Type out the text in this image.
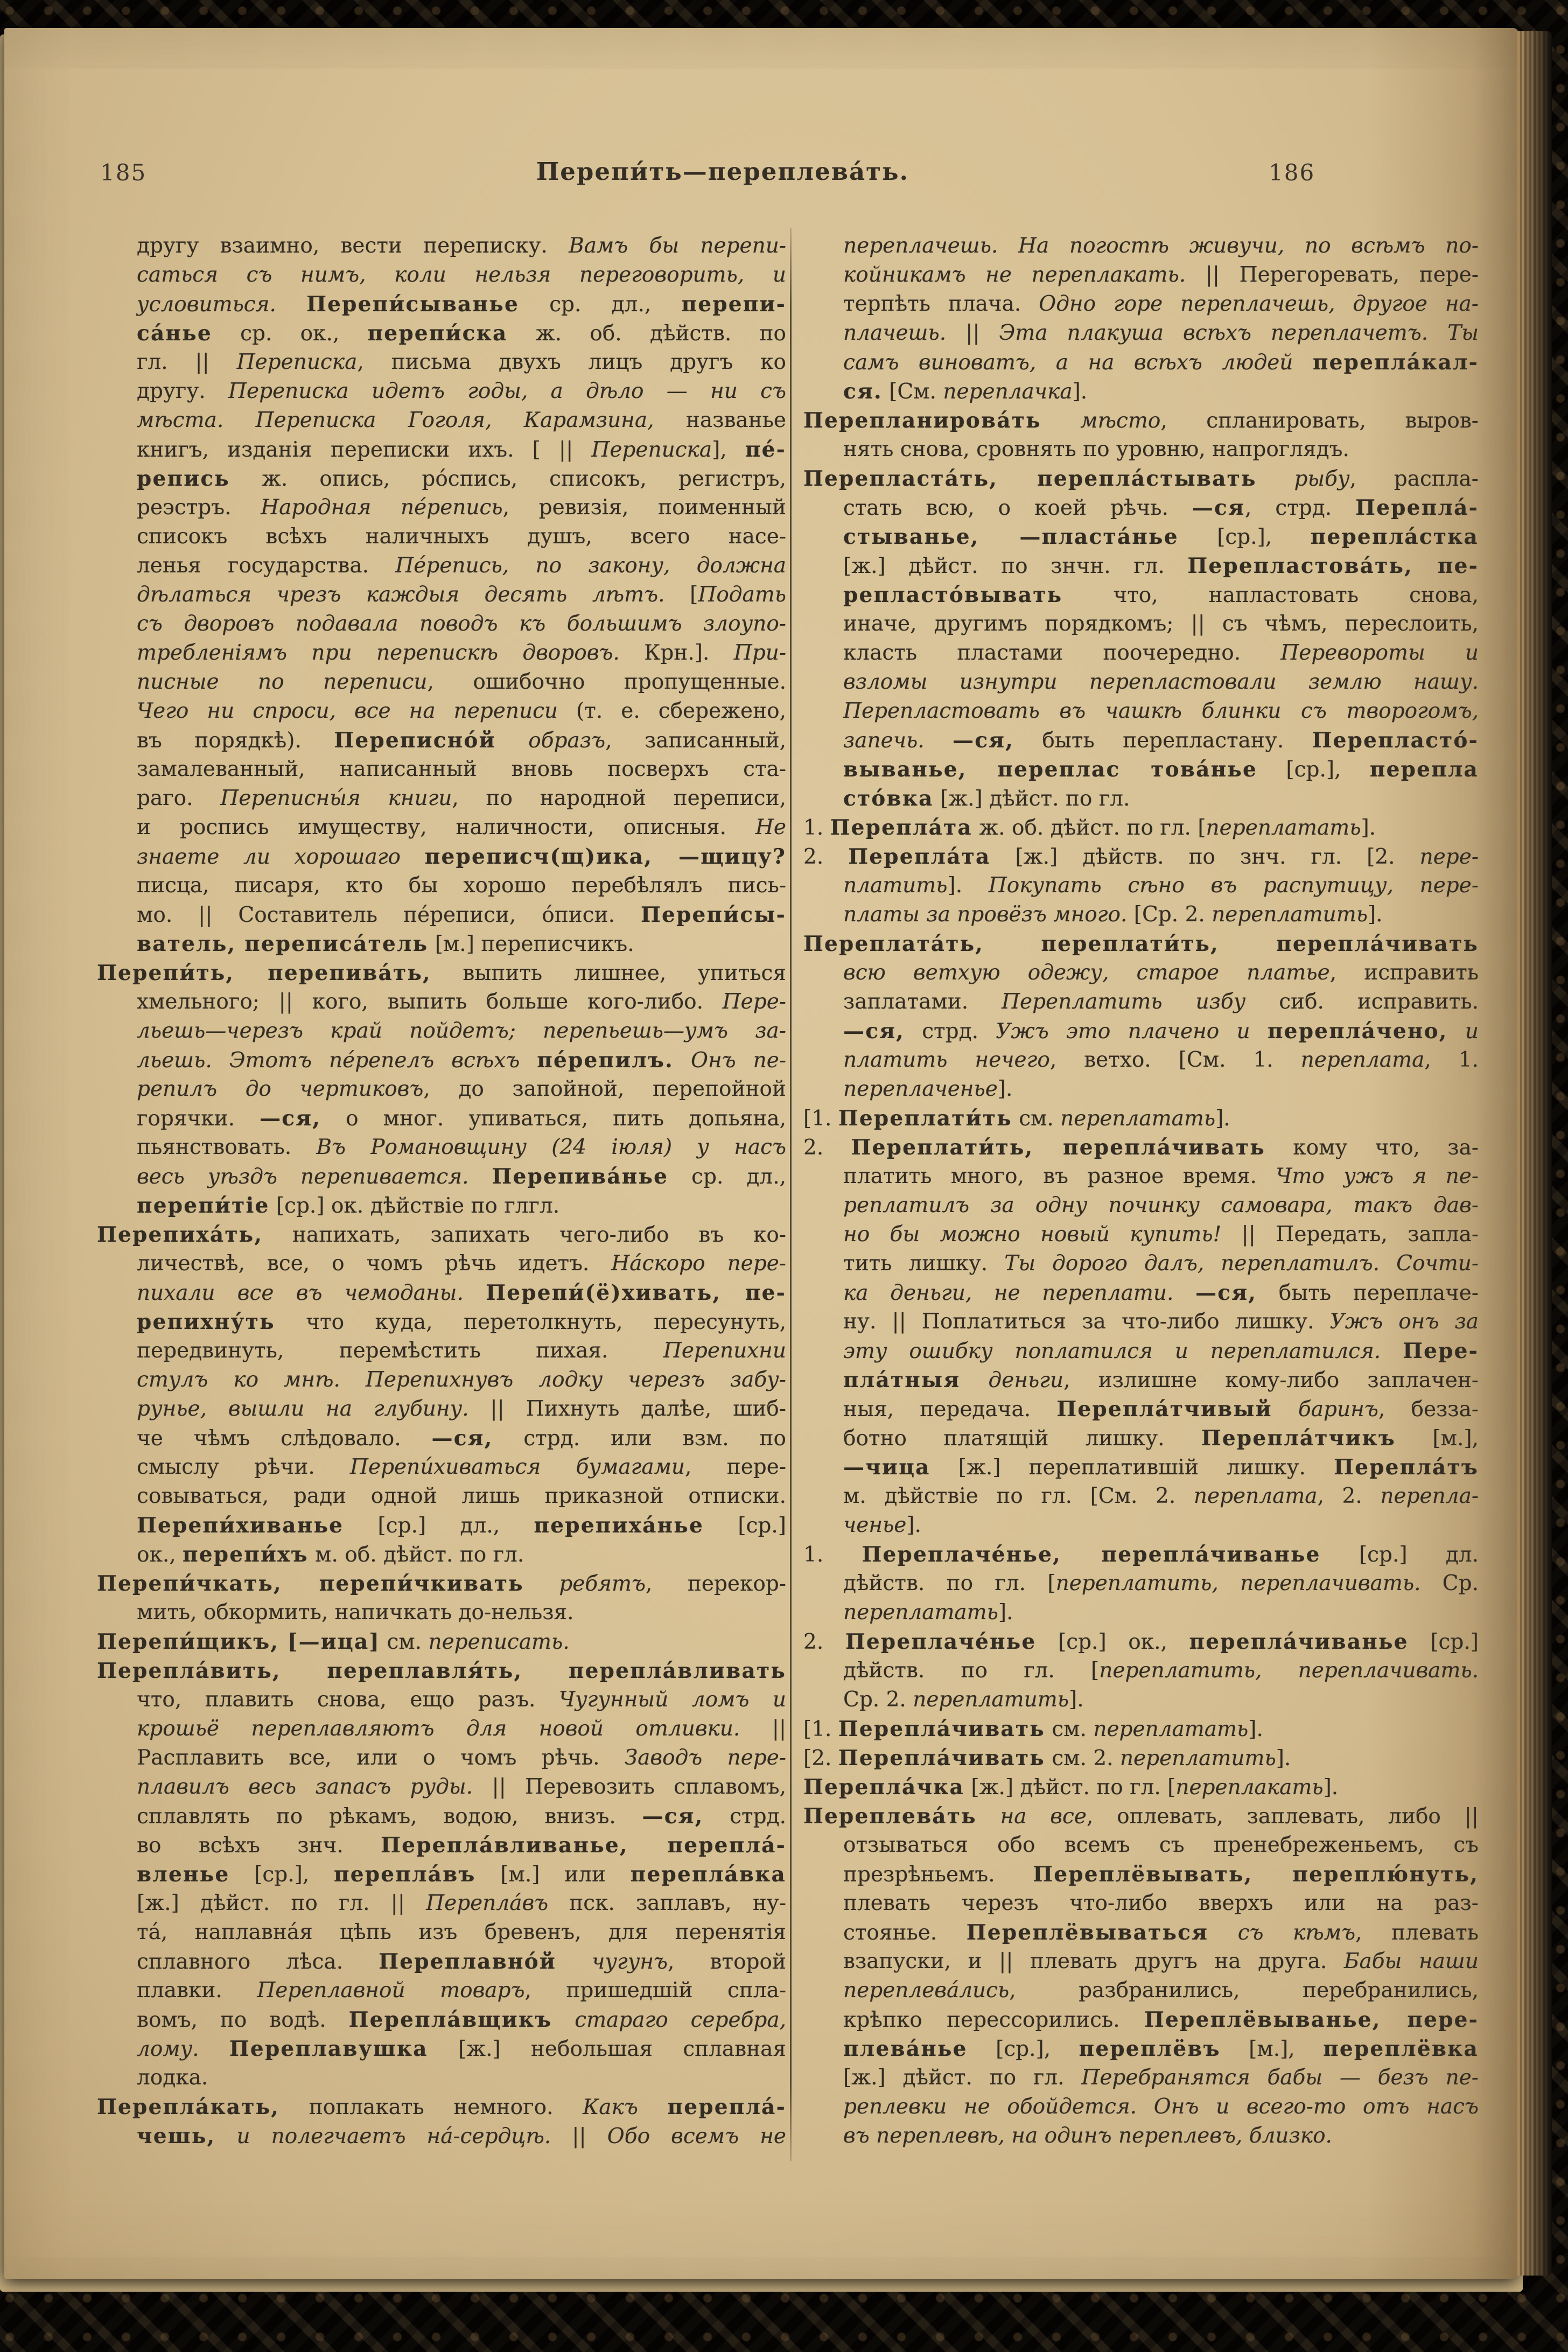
185	Перепи́ть—переплева́ть.	186
другу взаимно, вести переписку. Вамъ бы перепи-
саться съ нимъ, коли нельзя переговорить, и
условиться. Перепи́сыванье ср. дл., перепи-
са́нье ср. ок., перепи́ска ж. об. дѣйств. по
гл. || Переписка, письма двухъ лицъ другъ ко
другу. Переписка идетъ годы, а дѣло — ни съ
мѣста. Переписка Гоголя, Карамзина, названье
книгъ, изданія переписки ихъ. [ || Переписка], пе́-
репись ж. опись, ро́спись, списокъ, регистръ,
реэстръ. Народная пе́репись, ревизія, поименный
списокъ всѣхъ наличныхъ душъ, всего насе-
ленья государства. Пе́репись, по закону, должна
дѣлаться чрезъ каждыя десять лѣтъ. [Подать
съ дворовъ подавала поводъ къ большимъ злоупо-
требленіямъ при перепискѣ дворовъ. Крн.]. При-
писные по переписи, ошибочно пропущенные.
Чего ни спроси, все на переписи (т. е. сбережено,
въ порядкѣ). Переписно́й образъ, записанный,
замалеванный, написанный вновь посверхъ ста-
раго. Переписны́я книги, по народной переписи,
и роспись имуществу, наличности, описныя. Не
знаете ли хорошаго переписч(щ)ика, —щицу?
писца, писаря, кто бы хорошо перебѣлялъ пись-
мо. || Составитель пе́реписи, о́писи. Перепи́сы-
ватель, переписа́тель [м.] переписчикъ.
Перепи́ть, перепива́ть, выпить лишнее, упиться
хмельного; || кого, выпить больше кого-либо. Пере-
льешь—черезъ край пойдетъ; перепьешь—умъ за-
льешь. Этотъ пе́репелъ всѣхъ пе́репилъ. Онъ пе-
репилъ до чертиковъ, до запойной, перепойной
горячки. —ся, о мног. упиваться, пить допьяна,
пьянствовать. Въ Романовщину (24 іюля) у насъ
весь уѣздъ перепивается. Перепива́нье ср. дл.,
перепи́тіе [ср.] ок. дѣйствіе по глгл.
Перепиха́ть, напихать, запихать чего-либо въ ко-
личествѣ, все, о чомъ рѣчь идетъ. На́скоро пере-
пихали все въ чемоданы. Перепи́(ё)хивать, пе-
репихну́ть что куда, перетолкнуть, пересунуть,
передвинуть, перемѣстить пихая. Перепихни
стулъ ко мнѣ. Перепихнувъ лодку черезъ забу-
рунье, вышли на глубину. || Пихнуть далѣе, шиб-
че чѣмъ слѣдовало. —ся, стрд. или взм. по
смыслу рѣчи. Перепи́хиваться бумагами, пере-
совываться, ради одной лишь приказной отписки.
Перепи́хиванье [ср.] дл., перепиха́нье [ср.]
ок., перепи́хъ м. об. дѣйст. по гл.
Перепи́чкать, перепи́чкивать ребятъ, перекор-
мить, обкормить, напичкать до-нельзя.
Перепи́щикъ, [—ица] см. переписать.
Перепла́вить, переплавля́ть, перепла́вливать
что, плавить снова, ещо разъ. Чугунный ломъ и
крошьё переплавляютъ для новой отливки. ||
Расплавить все, или о чомъ рѣчь. Заводъ пере-
плавилъ весь запасъ руды. || Перевозить сплавомъ,
сплавлять по рѣкамъ, водою, внизъ. —ся, стрд.
во всѣхъ знч. Перепла́вливанье, перепла́-
вленье [ср.], перепла́въ [м.] или перепла́вка
[ж.] дѣйст. по гл. || Перепла́въ пск. заплавъ, ну-
та́, наплавна́я цѣпь изъ бревенъ, для перенятія
сплавного лѣса. Переплавно́й чугунъ, второй
плавки. Переплавной товаръ, пришедшій спла-
вомъ, по водѣ. Перепла́вщикъ стараго серебра,
лому. Переплавушка [ж.] небольшая сплавная
лодка.
Перепла́кать, поплакать немного. Какъ перепла́-
чешь, и полегчаетъ на́-сердцѣ. || Обо всемъ не
переплачешь. На погостѣ живучи, по всѣмъ по-
койникамъ не переплакать. || Перегоревать, пере-
терпѣть плача. Одно горе переплачешь, другое на-
плачешь. || Эта плакуша всѣхъ переплачетъ. Ты
самъ виноватъ, а на всѣхъ людей перепла́кал-
ся. [См. переплачка].
Перепланирова́ть мѣсто, спланировать, выров-
нять снова, сровнять по уровню, напроглядъ.
Перепласта́ть, перепла́стывать рыбу, распла-
стать всю, о коей рѣчь. —ся, стрд. Перепла́-
стыванье, —пласта́нье [ср.], перепла́стка
[ж.] дѣйст. по знчн. гл. Перепластова́ть, пе-
репласто́вывать что, напластовать снова,
иначе, другимъ порядкомъ; || съ чѣмъ, переслоить,
класть пластами поочередно. Перевороты и
взломы изнутри перепластовали землю нашу.
Перепластовать въ чашкѣ блинки съ творогомъ,
запечь. —ся, быть перепластану. Перепласто́-
выванье, переплас това́нье [ср.], перепла
сто́вка [ж.] дѣйст. по гл.
1. Перепла́та ж. об. дѣйст. по гл. [переплатать].
2. Перепла́та [ж.] дѣйств. по знч. гл. [2. пере-
платить]. Покупать сѣно въ распутицу, пере-
платы за провёзъ много. [Ср. 2. переплатить].
Переплата́ть, переплати́ть, перепла́чивать
всю ветхую одежу, старое платье, исправить
заплатами. Переплатить избу сиб. исправить.
—ся, стрд. Ужъ это плачено и перепла́чено, и
платить нечего, ветхо. [См. 1. переплата, 1.
переплаченье].
[1. Переплати́ть см. переплатать].
2. Переплати́ть, перепла́чивать кому что, за-
платить много, въ разное время. Что ужъ я пе-
реплатилъ за одну починку самовара, такъ дав-
но бы можно новый купить! || Передать, запла-
тить лишку. Ты дорого далъ, переплатилъ. Сочти-
ка деньги, не переплати. —ся, быть переплаче-
ну. || Поплатиться за что-либо лишку. Ужъ онъ за
эту ошибку поплатился и переплатился. Пере-
пла́тныя деньги, излишне кому-либо заплачен-
ныя, передача. Перепла́тчивый баринъ, безза-
ботно платящій лишку. Перепла́тчикъ [м.],
—чица [ж.] переплатившій лишку. Перепла́тъ
м. дѣйствіе по гл. [См. 2. переплата, 2. перепла-
ченье].
1. Переплаче́нье, перепла́чиванье [ср.] дл.
дѣйств. по гл. [переплатить, переплачивать. Ср.
переплатать].
2. Переплаче́нье [ср.] ок., перепла́чиванье [ср.]
дѣйств. по гл. [переплатить, переплачивать.
Ср. 2. переплатить].
[1. Перепла́чивать см. переплатать].
[2. Перепла́чивать см. 2. переплатить].
Перепла́чка [ж.] дѣйст. по гл. [переплакать].
Переплева́ть на все, оплевать, заплевать, либо ||
отзываться обо всемъ съ пренебреженьемъ, съ
презрѣньемъ. Переплёвывать, переплю́нуть,
плевать черезъ что-либо вверхъ или на раз-
стоянье. Переплёвываться съ кѣмъ, плевать
взапуски, и || плевать другъ на друга. Бабы наши
переплева́лись, разбранились, перебранились,
крѣпко перессорились. Переплёвыванье, пере-
плева́нье [ср.], переплёвъ [м.], переплёвка
[ж.] дѣйст. по гл. Перебранятся бабы — безъ пе-
реплевки не обойдется. Онъ и всего-то отъ насъ
въ переплевѣ, на одинъ переплевъ, близко.
